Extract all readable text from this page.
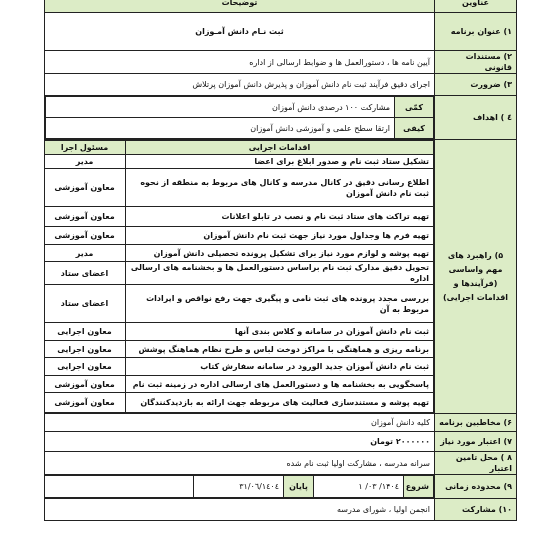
عناوین	توضیحات
۱) عنوان برنامه	ثبت نـام دانش آمـوزان
۲) مستندات قانونی	آیین نامه ها ، دستورالعمل ها و ضوابط ارسالی از اداره
۳) ضرورت	اجرای دقیق فرآیند ثبت نام دانش آموزان و پذیرش دانش آموزان پرتلاش
٤ ) اهداف	
کمّی	مشارکت ۱۰۰ درصدی دانش آموزان
کیفی	ارتقا سطح علمی و آموزشی دانش آموزان

۵) راهبرد های مهم واساسی (فرآیندها و اقدامات اجرایی)	
اقدامات اجرایی	مسئول اجرا
تشکیل ستاد ثبت نام و صدور ابلاغ برای اعضا	مدیر
اطلاع رسانی دقیق در کانال مدرسه و کانال های مربوط به منطقه از نحوه ثبت نام دانش آموزان	معاون آموزشی
تهیه تراکت های ستاد ثبت نام و نصب در تابلو اعلانات	معاون آموزشی
تهیه فرم ها وجداول مورد نیاز جهت ثبت نام دانش آموزان	معاون آموزشی
تهیه پوشه و لوازم مورد نیاز برای تشکیل پرونده تحصیلی دانش آموزان	مدیر
تحویل دقیق مدارک ثبت نام براساس دستورالعمل ها و بخشنامه های ارسالی اداره	اعضای ستاد
بررسی مجدد پرونده های ثبت نامی و پیگیری جهت رفع نواقص و ایرادات مربوط به آن	اعضای ستاد
ثبت نام دانش آموزان در سامانه و کلاس بندی آنها	معاون اجرایی
برنامه ریزی و هماهنگی با مراکز دوخت لباس و طرح نظام هماهنگ پوشش	معاون اجرایی
ثبت نام دانش آموزان جدید الورود در سامانه سفارش کتاب	معاون اجرایی
پاسخگویی به بخشنامه ها و دستورالعمل های ارسالی اداره در زمینه ثبت نام	معاون آموزشی
تهیه پوشه و مستندسازی فعالیت های مربوطه جهت ارائه به بازدیدکنندگان	معاون آموزشی

۶) مخاطبین برنامه	کلیه دانش آموزان
۷) اعتبار مورد نیاز	۲۰۰۰۰۰۰ تومان
۸ ) محل تامین اعتبار	سرانه مدرسه ، مشارکت اولیا ثبت نام شده
۹) محدوده زمانی	
شروع	۱۴۰٤/ ۰۳/ ۱	پایان	۱٤۰٤/۰٦/۳۱	

۱۰) مشارکت	انجمن اولیا ، شورای مدرسه
